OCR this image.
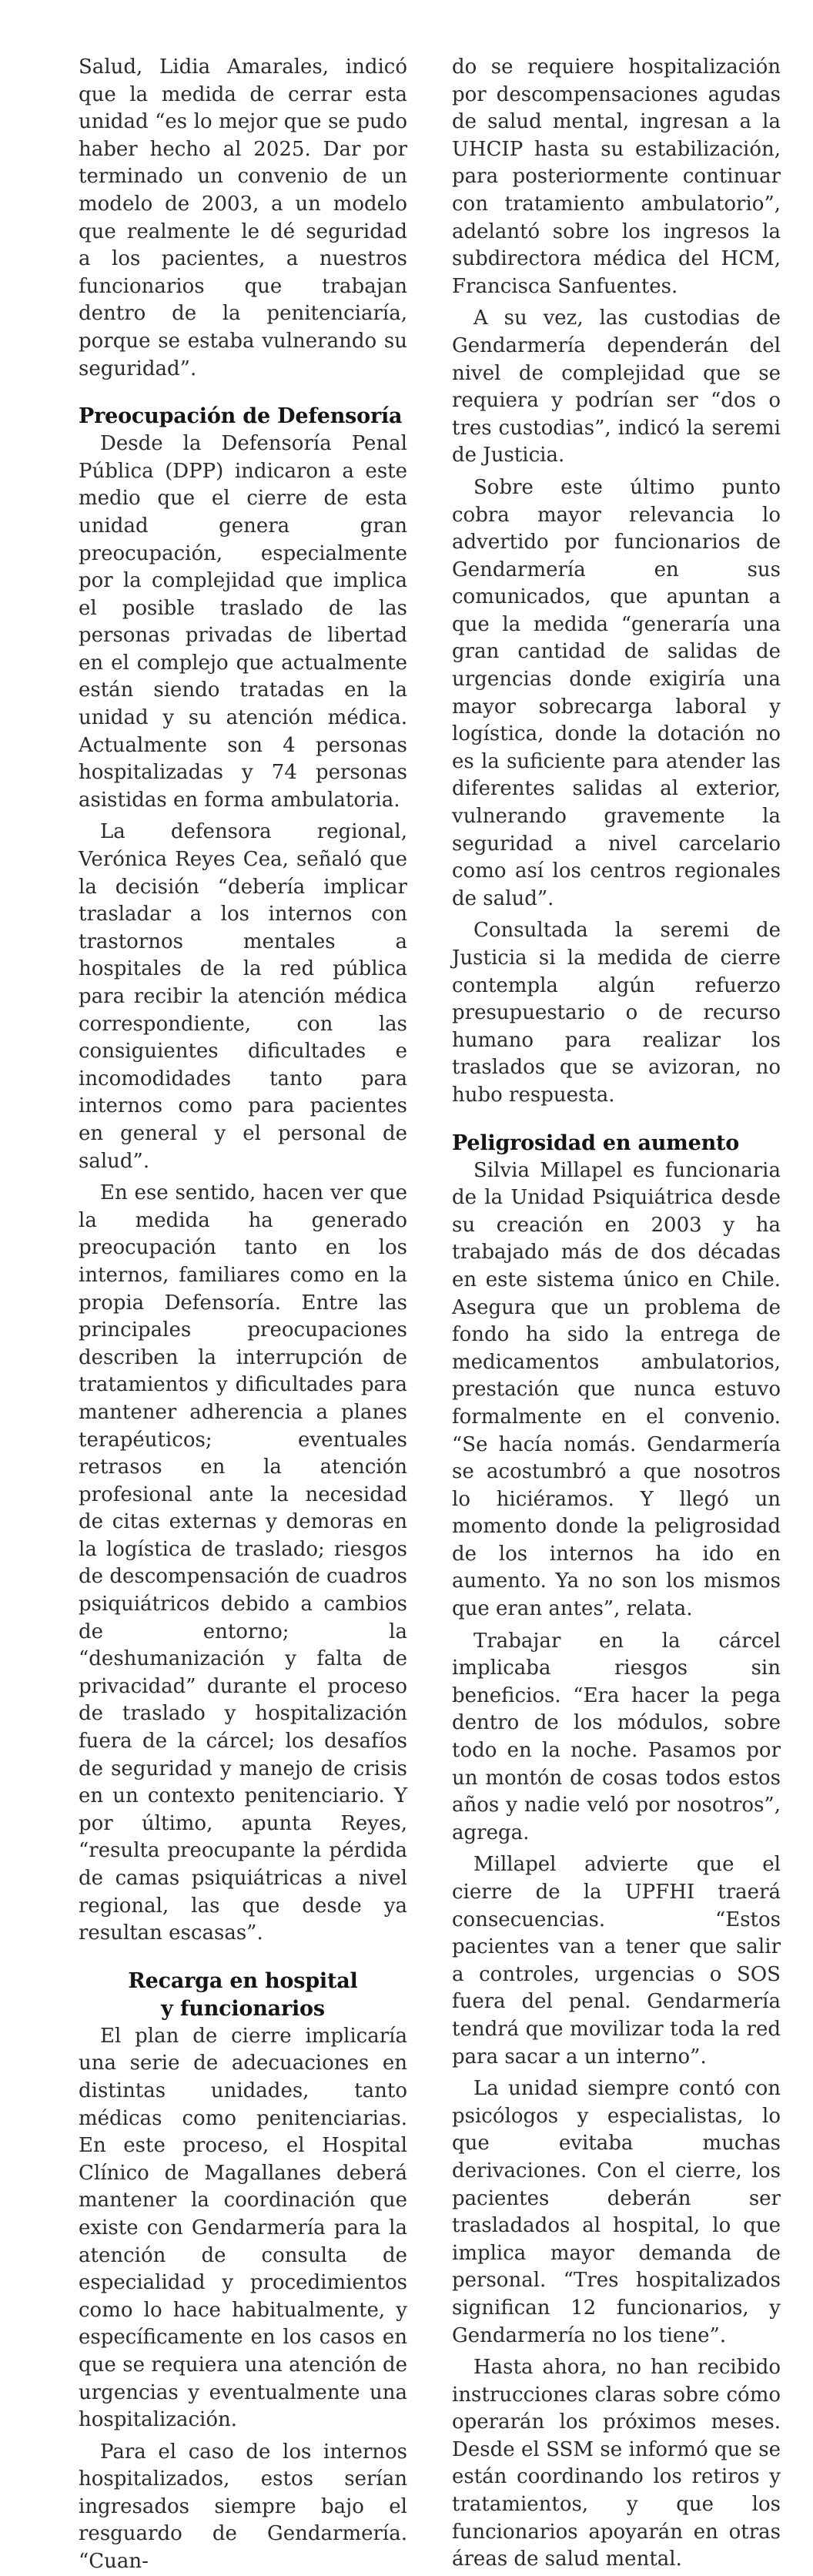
Salud, Lidia Amarales, indicó que la medida de cerrar esta unidad “es lo mejor que se pudo haber hecho al 2025. Dar por terminado un convenio de un modelo de 2003, a un modelo que realmente le dé seguridad a los pacientes, a nuestros funcionarios que trabajan dentro de la penitenciaría, porque se estaba vulnerando su seguridad”.

Preocupación de Defensoría

Desde la Defensoría Penal Pública (DPP) indicaron a este medio que el cierre de esta unidad genera gran preocupación, especialmente por la complejidad que implica el posible traslado de las personas privadas de libertad en el complejo que actualmente están siendo tratadas en la unidad y su atención médica. Actualmente son 4 personas hospitalizadas y 74 personas asistidas en forma ambulatoria.

La defensora regional, Verónica Reyes Cea, señaló que la decisión “debería implicar trasladar a los internos con trastornos mentales a hospitales de la red pública para recibir la atención médica correspondiente, con las consiguientes dificultades e incomodidades tanto para internos como para pacientes en general y el personal de salud”.

En ese sentido, hacen ver que la medida ha generado preocupación tanto en los internos, familiares como en la propia Defensoría. Entre las principales preocupaciones describen la interrupción de tratamientos y dificultades para mantener adherencia a planes terapéuticos; eventuales retrasos en la atención profesional ante la necesidad de citas externas y demoras en la logística de traslado; riesgos de descompensación de cuadros psiquiátricos debido a cambios de entorno; la “deshumanización y falta de privacidad” durante el proceso de traslado y hospitalización fuera de la cárcel; los desafíos de seguridad y manejo de crisis en un contexto penitenciario. Y por último, apunta Reyes, “resulta preocupante la pérdida de camas psiquiátricas a nivel regional, las que desde ya resultan escasas”.

Recarga en hospital
y funcionarios

El plan de cierre implicaría una serie de adecuaciones en distintas unidades, tanto médicas como penitenciarias. En este proceso, el Hospital Clínico de Magallanes deberá mantener la coordinación que existe con Gendarmería para la atención de consulta de especialidad y procedimientos como lo hace habitualmente, y específicamente en los casos en que se requiera una atención de urgencias y eventualmente una hospitalización.

Para el caso de los internos hospitalizados, estos serían ingresados siempre bajo el resguardo de Gendarmería. “Cuan-

do se requiere hospitalización por descompensaciones agudas de salud mental, ingresan a la UHCIP hasta su estabilización, para posteriormente continuar con tratamiento ambulatorio”, adelantó sobre los ingresos la subdirectora médica del HCM, Francisca Sanfuentes.

A su vez, las custodias de Gendarmería dependerán del nivel de complejidad que se requiera y podrían ser “dos o tres custodias”, indicó la seremi de Justicia.

Sobre este último punto cobra mayor relevancia lo advertido por funcionarios de Gendarmería en sus comunicados, que apuntan a que la medida “generaría una gran cantidad de salidas de urgencias donde exigiría una mayor sobrecarga laboral y logística, donde la dotación no es la suficiente para atender las diferentes salidas al exterior, vulnerando gravemente la seguridad a nivel carcelario como así los centros regionales de salud”.

Consultada la seremi de Justicia si la medida de cierre contempla algún refuerzo presupuestario o de recurso humano para realizar los traslados que se avizoran, no hubo respuesta.

Peligrosidad en aumento

Silvia Millapel es funcionaria de la Unidad Psiquiátrica desde su creación en 2003 y ha trabajado más de dos décadas en este sistema único en Chile. Asegura que un problema de fondo ha sido la entrega de medicamentos ambulatorios, prestación que nunca estuvo formalmente en el convenio. “Se hacía nomás. Gendarmería se acostumbró a que nosotros lo hiciéramos. Y llegó un momento donde la peligrosidad de los internos ha ido en aumento. Ya no son los mismos que eran antes”, relata.

Trabajar en la cárcel implicaba riesgos sin beneficios. “Era hacer la pega dentro de los módulos, sobre todo en la noche. Pasamos por un montón de cosas todos estos años y nadie veló por nosotros”, agrega.

Millapel advierte que el cierre de la UPFHI traerá consecuencias. “Estos pacientes van a tener que salir a controles, urgencias o SOS fuera del penal. Gendarmería tendrá que movilizar toda la red para sacar a un interno”.

La unidad siempre contó con psicólogos y especialistas, lo que evitaba muchas derivaciones. Con el cierre, los pacientes deberán ser trasladados al hospital, lo que implica mayor demanda de personal. “Tres hospitalizados significan 12 funcionarios, y Gendarmería no los tiene”.

Hasta ahora, no han recibido instrucciones claras sobre cómo operarán los próximos meses. Desde el SSM se informó que se están coordinando los retiros y tratamientos, y que los funcionarios apoyarán en otras áreas de salud mental.
